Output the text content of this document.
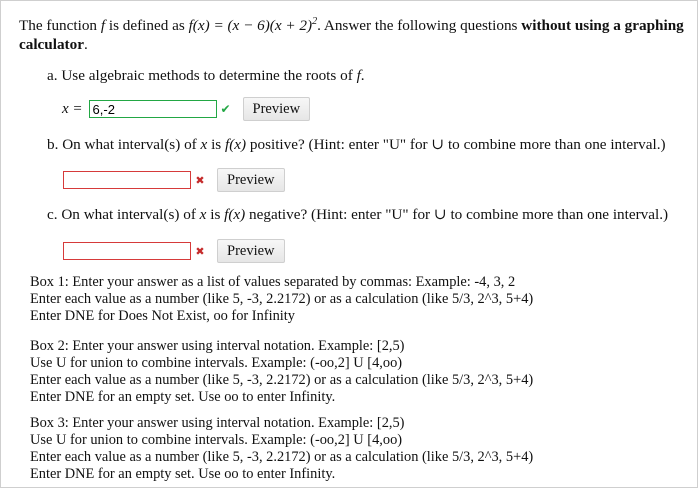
The function f is defined as $f(x) = (x - 6)(x + 2)^2$. Answer the following questions without using a graphing calculator.
a. Use algebraic methods to determine the roots of f.
x =
6,-2	✔	Preview
b. On what interval(s) of x is f(x) positive? (Hint: enter "U" for ∪ to combine more than one interval.)
✖	Preview
c. On what interval(s) of x is f(x) negative? (Hint: enter "U" for ∪ to combine more than one interval.)
✖	Preview
Box 1: Enter your answer as a list of values separated by commas: Example: -4, 3, 2
Enter each value as a number (like 5, -3, 2.2172) or as a calculation (like 5/3, 2^3, 5+4)
Enter DNE for Does Not Exist, oo for Infinity
Box 2: Enter your answer using interval notation. Example: [2,5)
Use U for union to combine intervals. Example: (-oo,2] U [4,oo)
Enter each value as a number (like 5, -3, 2.2172) or as a calculation (like 5/3, 2^3, 5+4)
Enter DNE for an empty set. Use oo to enter Infinity.
Box 3: Enter your answer using interval notation. Example: [2,5)
Use U for union to combine intervals. Example: (-oo,2] U [4,oo)
Enter each value as a number (like 5, -3, 2.2172) or as a calculation (like 5/3, 2^3, 5+4)
Enter DNE for an empty set. Use oo to enter Infinity.
